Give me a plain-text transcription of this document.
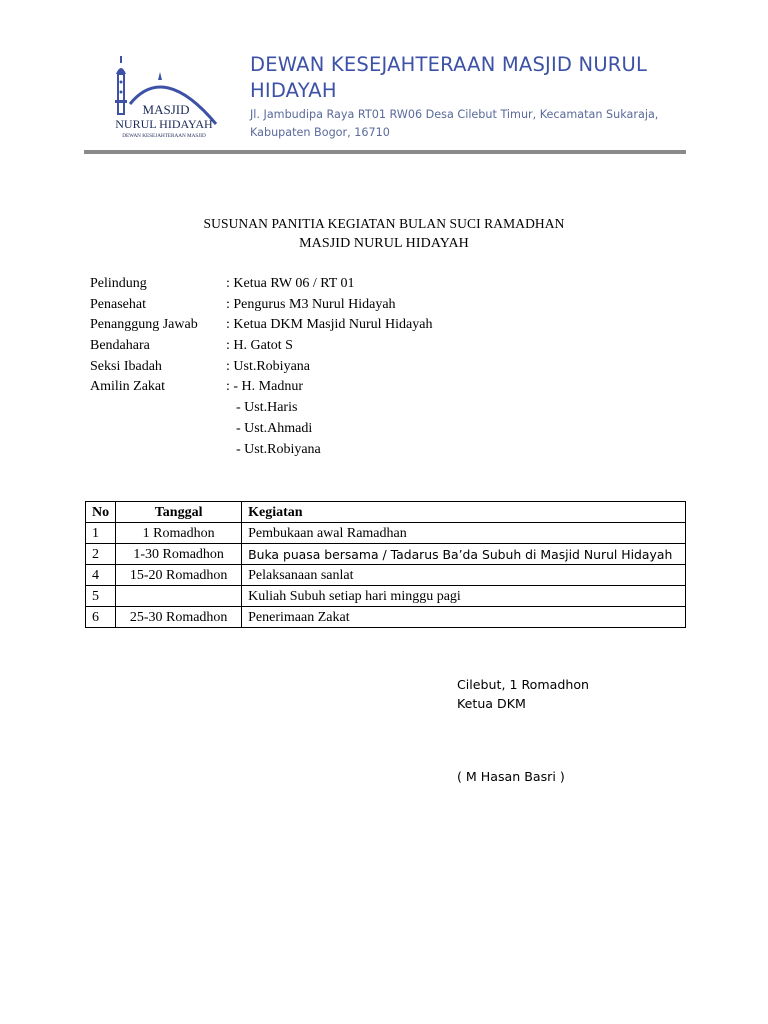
MASJID
NURUL HIDAYAH
DEWAN KESEJAHTERAAN MASJID
DEWAN KESEJAHTERAAN MASJID NURUL HIDAYAH
Jl. Jambudipa Raya RT01 RW06 Desa Cilebut Timur, Kecamatan Sukaraja, Kabupaten Bogor, 16710
SUSUNAN PANITIA KEGIATAN BULAN SUCI RAMADHAN
MASJID NURUL HIDAYAH
Pelindung	: Ketua RW 06 / RT 01
Penasehat	: Pengurus M3 Nurul Hidayah
Penanggung Jawab : Ketua DKM Masjid Nurul Hidayah
Bendahara	: H. Gatot S
Seksi Ibadah	: Ust.Robiyana
Amilin Zakat	: - H. Madnur
- Ust.Haris
- Ust.Ahmadi
- Ust.Robiyana
No	Tanggal	Kegiatan
1	1 Romadhon	Pembukaan awal Ramadhan
2	1-30 Romadhon	Buka puasa bersama / Tadarus Ba’da Subuh di Masjid Nurul Hidayah
4	15-20 Romadhon	Pelaksanaan sanlat
5		Kuliah Subuh setiap hari minggu pagi
6	25-30 Romadhon	Penerimaan Zakat
Cilebut, 1 Romadhon
Ketua DKM
( M Hasan Basri )
